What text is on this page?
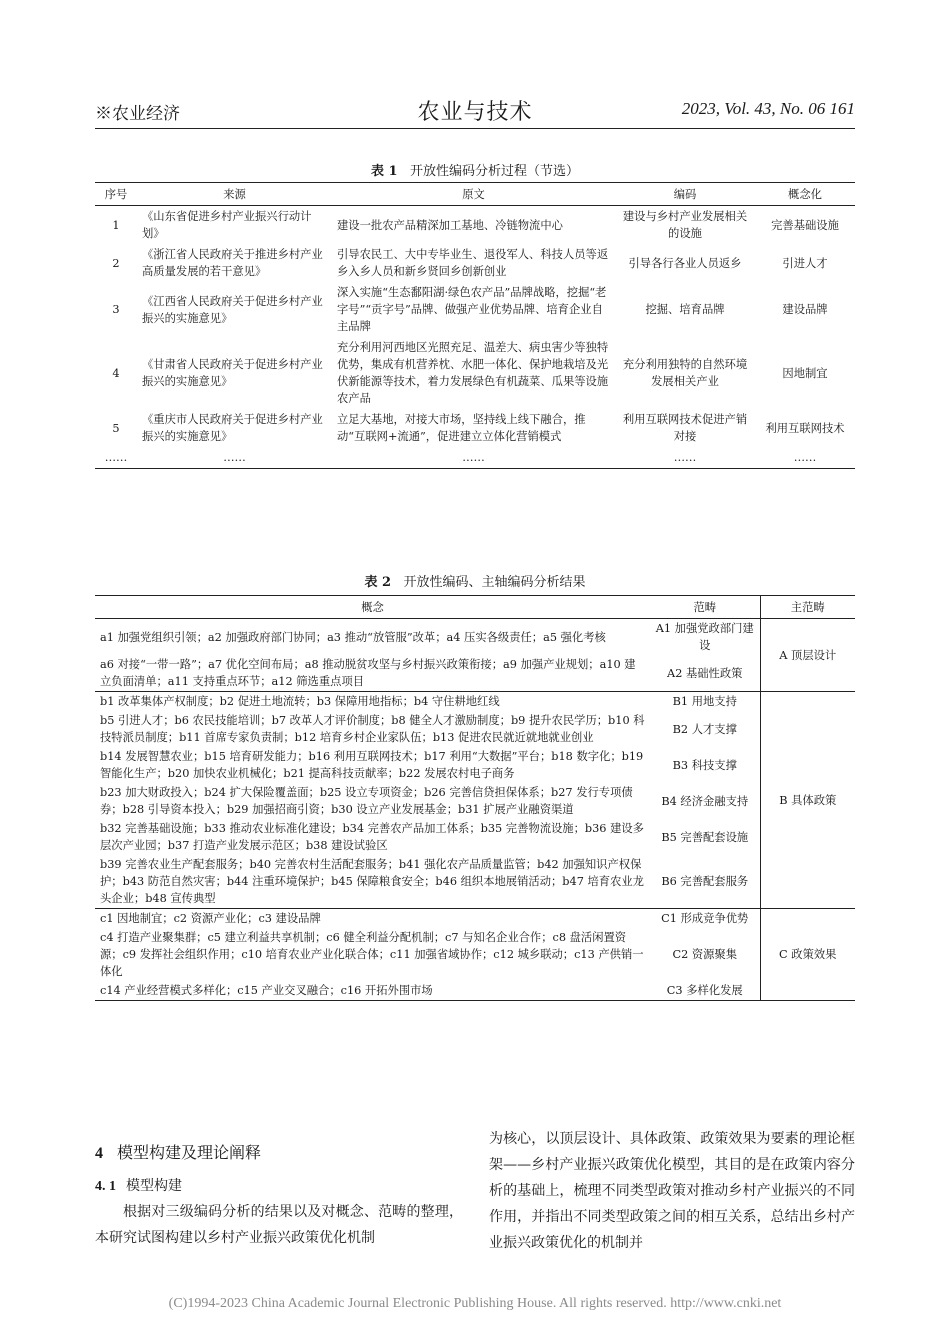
※农业经济	农业与技术	2023, Vol. 43, No. 06 161
表 1 开放性编码分析过程（节选）
序号	来源	原文	编码	概念化
1	《山东省促进乡村产业振兴行动计划》	建设一批农产品精深加工基地、冷链物流中心	建设与乡村产业发展相关的设施	完善基础设施
2	《浙江省人民政府关于推进乡村产业高质量发展的若干意见》	引导农民工、大中专毕业生、退役军人、科技人员等返乡入乡人员和新乡贤回乡创新创业	引导各行各业人员返乡	引进人才
3	《江西省人民政府关于促进乡村产业振兴的实施意见》	深入实施“生态鄱阳湖·绿色农产品”品牌战略，挖掘“老字号”“贡字号”品牌、做强产业优势品牌、培育企业自主品牌	挖掘、培育品牌	建设品牌
4	《甘肃省人民政府关于促进乡村产业振兴的实施意见》	充分利用河西地区光照充足、温差大、病虫害少等独特优势，集成有机营养枕、水肥一体化、保护地栽培及光伏新能源等技术，着力发展绿色有机蔬菜、瓜果等设施农产品	充分利用独特的自然环境发展相关产业	因地制宜
5	《重庆市人民政府关于促进乡村产业振兴的实施意见》	立足大基地，对接大市场，坚持线上线下融合，推动“互联网+流通”，促进建立立体化营销模式	利用互联网技术促进产销对接	利用互联网技术
……	……	……	……	……
表 2 开放性编码、主轴编码分析结果
概念	范畴	主范畴
a1 加强党组织引领；a2 加强政府部门协同；a3 推动“放管服”改革；a4 压实各级责任；a5 强化考核	A1 加强党政部门建设	A 顶层设计
a6 对接“一带一路”；a7 优化空间布局；a8 推动脱贫攻坚与乡村振兴政策衔接；a9 加强产业规划；a10 建立负面清单；a11 支持重点环节；a12 筛选重点项目	A2 基础性政策	
b1 改革集体产权制度；b2 促进土地流转；b3 保障用地指标；b4 守住耕地红线	B1 用地支持	B 具体政策
b5 引进人才；b6 农民技能培训；b7 改革人才评价制度；b8 健全人才激励制度；b9 提升农民学历；b10 科技特派员制度；b11 首席专家负责制；b12 培育乡村企业家队伍；b13 促进农民就近就地就业创业	B2 人才支撑	
b14 发展智慧农业；b15 培育研发能力；b16 利用互联网技术；b17 利用“大数据”平台；b18 数字化；b19 智能化生产；b20 加快农业机械化；b21 提高科技贡献率；b22 发展农村电子商务	B3 科技支撑	
b23 加大财政投入；b24 扩大保险覆盖面；b25 设立专项资金；b26 完善信贷担保体系；b27 发行专项债券；b28 引导资本投入；b29 加强招商引资；b30 设立产业发展基金；b31 扩展产业融资渠道	B4 经济金融支持	
b32 完善基础设施；b33 推动农业标准化建设；b34 完善农产品加工体系；b35 完善物流设施；b36 建设多层次产业园；b37 打造产业发展示范区；b38 建设试验区	B5 完善配套设施	
b39 完善农业生产配套服务；b40 完善农村生活配套服务；b41 强化农产品质量监管；b42 加强知识产权保护；b43 防范自然灾害；b44 注重环境保护；b45 保障粮食安全；b46 组织本地展销活动；b47 培育农业龙头企业；b48 宣传典型	B6 完善配套服务	
c1 因地制宜；c2 资源产业化；c3 建设品牌	C1 形成竞争优势	C 政策效果
c4 打造产业聚集群；c5 建立利益共享机制；c6 健全利益分配机制；c7 与知名企业合作；c8 盘活闲置资源；c9 发挥社会组织作用；c10 培育农业产业化联合体；c11 加强省域协作；c12 城乡联动；c13 产供销一体化	C2 资源聚集	
c14 产业经营模式多样化；c15 产业交叉融合；c16 开拓外围市场	C3 多样化发展	
4 模型构建及理论阐释
4. 1 模型构建
根据对三级编码分析的结果以及对概念、范畴的整理，本研究试图构建以乡村产业振兴政策优化机制
为核心，以顶层设计、具体政策、政策效果为要素的理论框架——乡村产业振兴政策优化模型，其目的是在政策内容分析的基础上，梳理不同类型政策对推动乡村产业振兴的不同作用，并指出不同类型政策之间的相互关系，总结出乡村产业振兴政策优化的机制并
(C)1994-2023 China Academic Journal Electronic Publishing House. All rights reserved. http://www.cnki.net
